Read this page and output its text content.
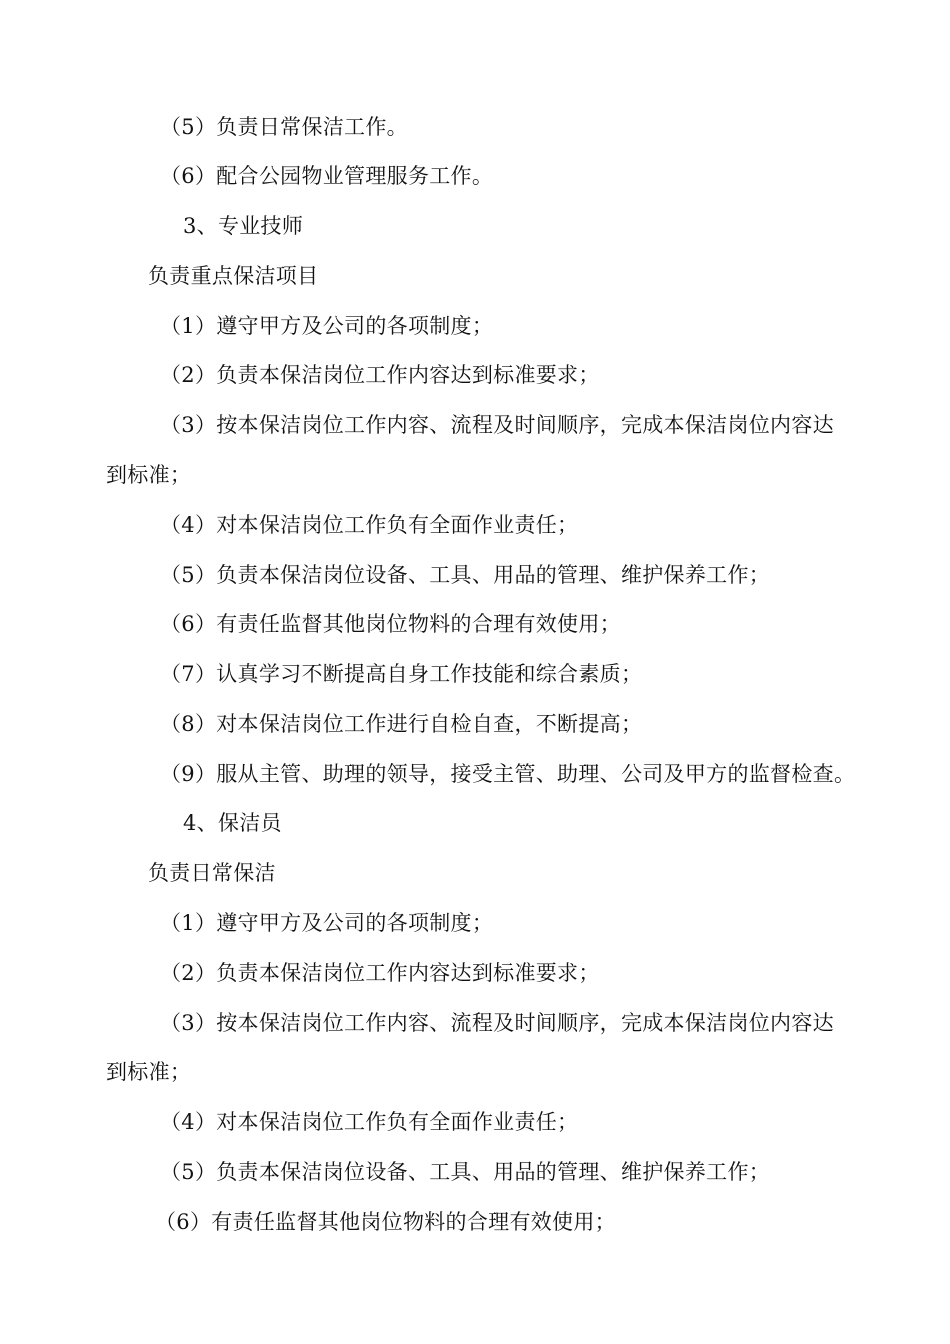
（5）负责日常保洁工作。
（6）配合公园物业管理服务工作。
3、专业技师
负责重点保洁项目
（1）遵守甲方及公司的各项制度；
（2）负责本保洁岗位工作内容达到标准要求；
（3）按本保洁岗位工作内容、流程及时间顺序，完成本保洁岗位内容达
到标准；
（4）对本保洁岗位工作负有全面作业责任；
（5）负责本保洁岗位设备、工具、用品的管理、维护保养工作；
（6）有责任监督其他岗位物料的合理有效使用；
（7）认真学习不断提高自身工作技能和综合素质；
（8）对本保洁岗位工作进行自检自查，不断提高；
（9）服从主管、助理的领导，接受主管、助理、公司及甲方的监督检查。
4、保洁员
负责日常保洁
（1）遵守甲方及公司的各项制度；
（2）负责本保洁岗位工作内容达到标准要求；
（3）按本保洁岗位工作内容、流程及时间顺序，完成本保洁岗位内容达
到标准；
（4）对本保洁岗位工作负有全面作业责任；
（5）负责本保洁岗位设备、工具、用品的管理、维护保养工作；
（6）有责任监督其他岗位物料的合理有效使用；
